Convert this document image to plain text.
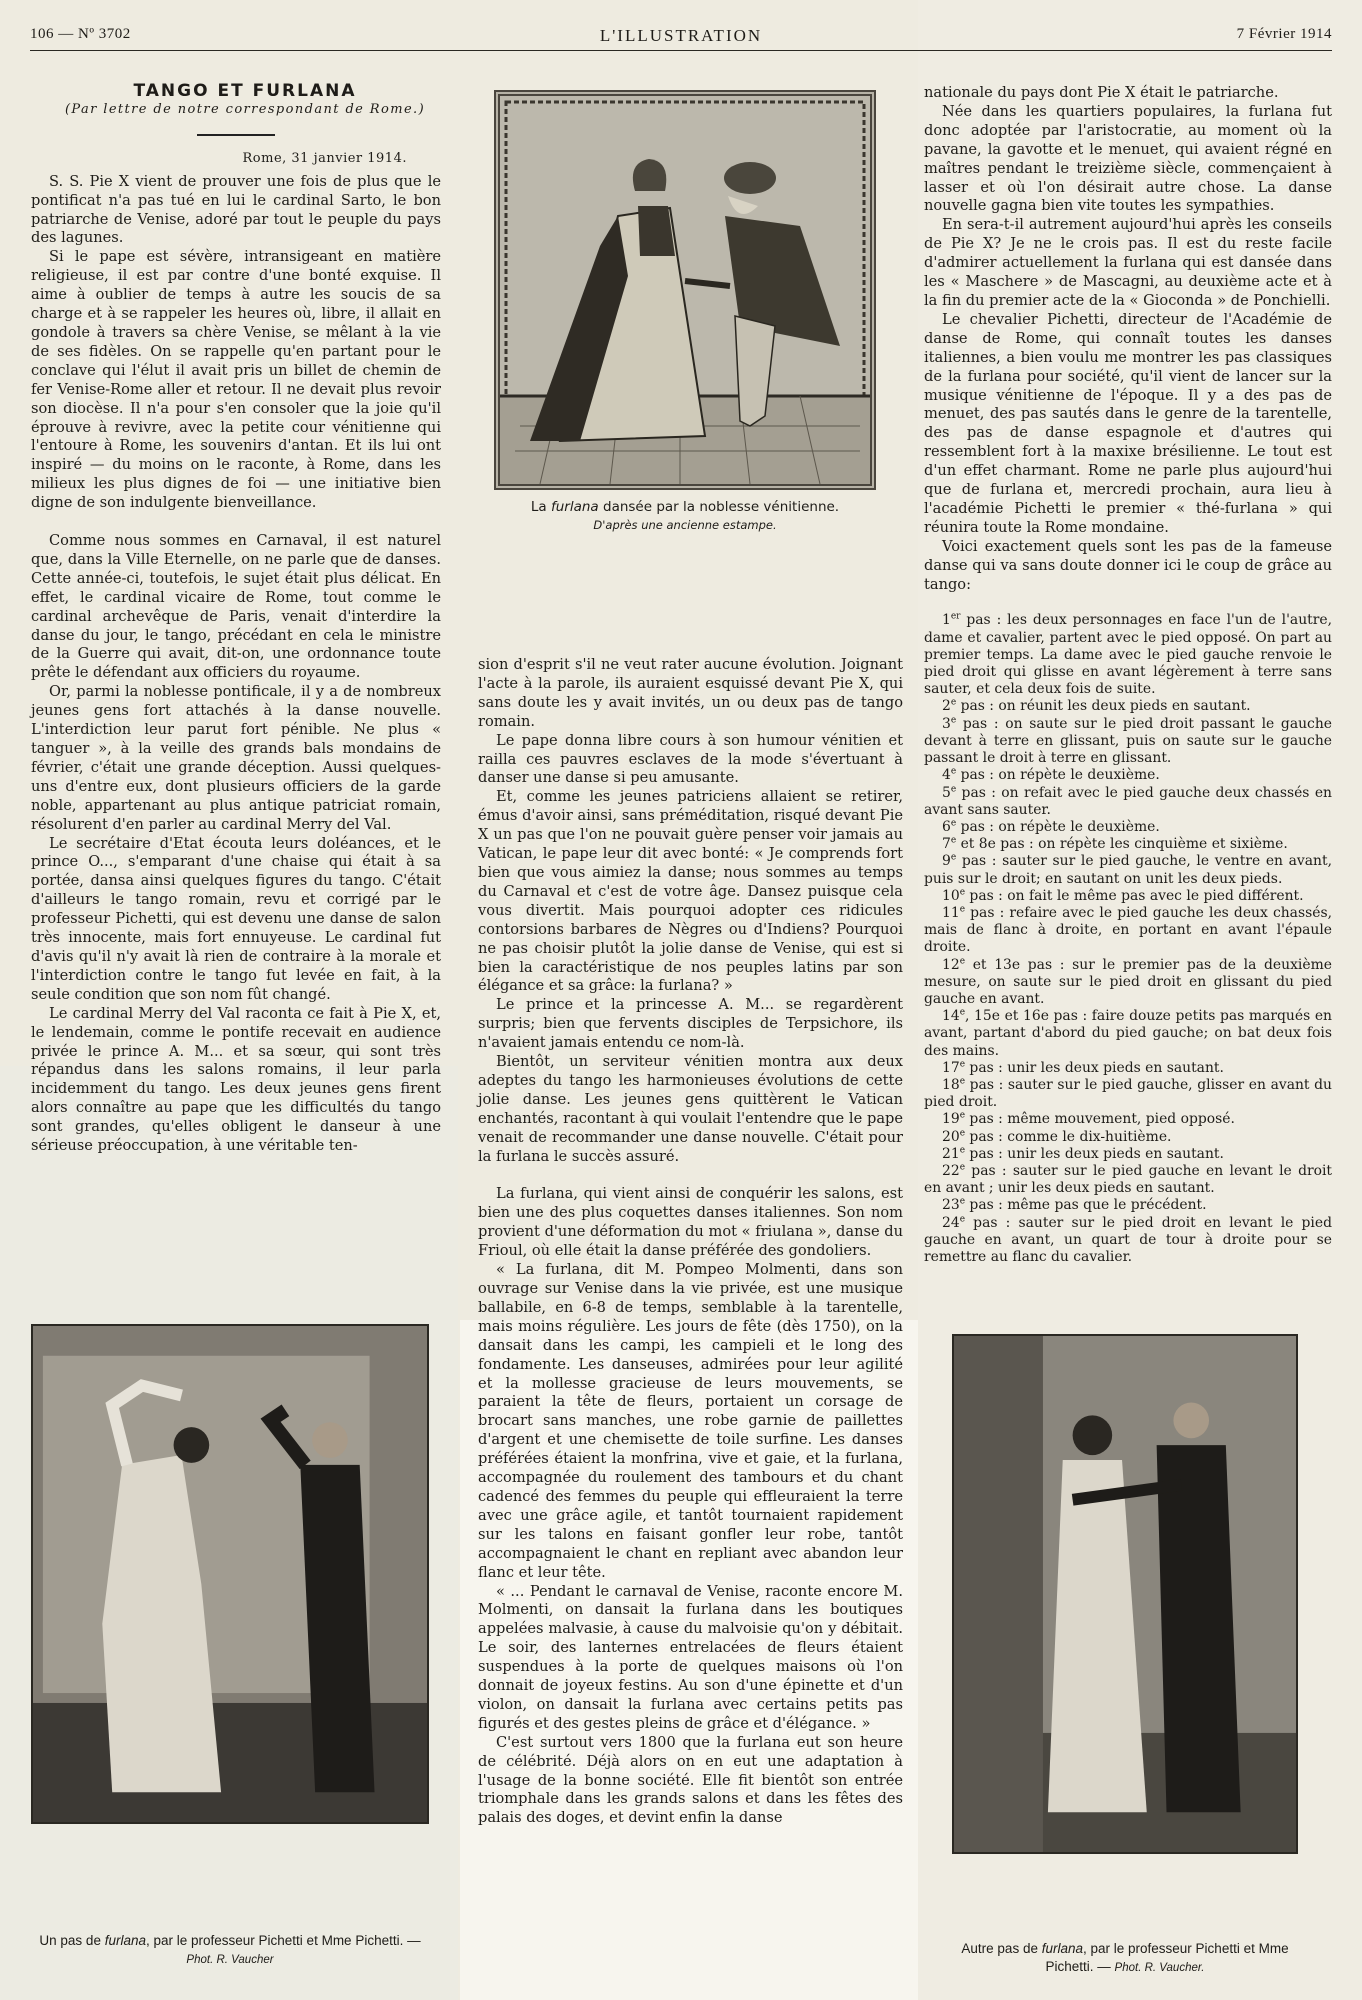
106 — Nº 3702	L'ILLUSTRATION	7 Février 1914

TANGO ET FURLANA

(Par lettre de notre correspondant de Rome.)

Rome, 31 janvier 1914.

S. S. Pie X vient de prouver une fois de plus que le pontificat n'a pas tué en lui le cardinal Sarto, le bon patriarche de Venise, adoré par tout le peuple du pays des lagunes.

Si le pape est sévère, intransigeant en matière religieuse, il est par contre d'une bonté exquise. Il aime à oublier de temps à autre les soucis de sa charge et à se rappeler les heures où, libre, il allait en gondole à travers sa chère Venise, se mêlant à la vie de ses fidèles. On se rappelle qu'en partant pour le conclave qui l'élut il avait pris un billet de chemin de fer Venise-Rome aller et retour. Il ne devait plus revoir son diocèse. Il n'a pour s'en consoler que la joie qu'il éprouve à revivre, avec la petite cour vénitienne qui l'entoure à Rome, les souvenirs d'antan. Et ils lui ont inspiré — du moins on le raconte, à Rome, dans les milieux les plus dignes de foi — une initiative bien digne de son indulgente bienveillance.

Comme nous sommes en Carnaval, il est naturel que, dans la Ville Eternelle, on ne parle que de danses. Cette année-ci, toutefois, le sujet était plus délicat. En effet, le cardinal vicaire de Rome, tout comme le cardinal archevêque de Paris, venait d'interdire la danse du jour, le tango, précédant en cela le ministre de la Guerre qui avait, dit-on, une ordonnance toute prête le défendant aux officiers du royaume.

Or, parmi la noblesse pontificale, il y a de nombreux jeunes gens fort attachés à la danse nouvelle. L'interdiction leur parut fort pénible. Ne plus « tanguer », à la veille des grands bals mondains de février, c'était une grande déception. Aussi quelques-uns d'entre eux, dont plusieurs officiers de la garde noble, appartenant au plus antique patriciat romain, résolurent d'en parler au cardinal Merry del Val.

Le secrétaire d'Etat écouta leurs doléances, et le prince O..., s'emparant d'une chaise qui était à sa portée, dansa ainsi quelques figures du tango. C'était d'ailleurs le tango romain, revu et corrigé par le professeur Pichetti, qui est devenu une danse de salon très innocente, mais fort ennuyeuse. Le cardinal fut d'avis qu'il n'y avait là rien de contraire à la morale et l'interdiction contre le tango fut levée en fait, à la seule condition que son nom fût changé.

Le cardinal Merry del Val raconta ce fait à Pie X, et, le lendemain, comme le pontife recevait en audience privée le prince A. M... et sa sœur, qui sont très répandus dans les salons romains, il leur parla incidemment du tango. Les deux jeunes gens firent alors connaître au pape que les difficultés du tango sont grandes, qu'elles obligent le danseur à une sérieuse préoccupation, à une véritable ten-

La furlana dansée par la noblesse vénitienne.
D'après une ancienne estampe.

sion d'esprit s'il ne veut rater aucune évolution. Joignant l'acte à la parole, ils auraient esquissé devant Pie X, qui sans doute les y avait invités, un ou deux pas de tango romain.

Le pape donna libre cours à son humour vénitien et railla ces pauvres esclaves de la mode s'évertuant à danser une danse si peu amusante.

Et, comme les jeunes patriciens allaient se retirer, émus d'avoir ainsi, sans préméditation, risqué devant Pie X un pas que l'on ne pouvait guère penser voir jamais au Vatican, le pape leur dit avec bonté: « Je comprends fort bien que vous aimiez la danse; nous sommes au temps du Carnaval et c'est de votre âge. Dansez puisque cela vous divertit. Mais pourquoi adopter ces ridicules contorsions barbares de Nègres ou d'Indiens? Pourquoi ne pas choisir plutôt la jolie danse de Venise, qui est si bien la caractéristique de nos peuples latins par son élégance et sa grâce: la furlana? »

Le prince et la princesse A. M... se regardèrent surpris; bien que fervents disciples de Terpsichore, ils n'avaient jamais entendu ce nom-là.

Bientôt, un serviteur vénitien montra aux deux adeptes du tango les harmonieuses évolutions de cette jolie danse. Les jeunes gens quittèrent le Vatican enchantés, racontant à qui voulait l'entendre que le pape venait de recommander une danse nouvelle. C'était pour la furlana le succès assuré.

La furlana, qui vient ainsi de conquérir les salons, est bien une des plus coquettes danses italiennes. Son nom provient d'une déformation du mot « friulana », danse du Frioul, où elle était la danse préférée des gondoliers.

« La furlana, dit M. Pompeo Molmenti, dans son ouvrage sur Venise dans la vie privée, est une musique ballabile, en 6-8 de temps, semblable à la tarentelle, mais moins régulière. Les jours de fête (dès 1750), on la dansait dans les campi, les campieli et le long des fondamente. Les danseuses, admirées pour leur agilité et la mollesse gracieuse de leurs mouvements, se paraient la tête de fleurs, portaient un corsage de brocart sans manches, une robe garnie de paillettes d'argent et une chemisette de toile surfine. Les danses préférées étaient la monfrina, vive et gaie, et la furlana, accompagnée du roulement des tambours et du chant cadencé des femmes du peuple qui effleuraient la terre avec une grâce agile, et tantôt tournaient rapidement sur les talons en faisant gonfler leur robe, tantôt accompagnaient le chant en repliant avec abandon leur flanc et leur tête.

« ... Pendant le carnaval de Venise, raconte encore M. Molmenti, on dansait la furlana dans les boutiques appelées malvasie, à cause du malvoisie qu'on y débitait. Le soir, des lanternes entrelacées de fleurs étaient suspendues à la porte de quelques maisons où l'on donnait de joyeux festins. Au son d'une épinette et d'un violon, on dansait la furlana avec certains petits pas figurés et des gestes pleins de grâce et d'élégance. »

C'est surtout vers 1800 que la furlana eut son heure de célébrité. Déjà alors on en eut une adaptation à l'usage de la bonne société. Elle fit bientôt son entrée triomphale dans les grands salons et dans les fêtes des palais des doges, et devint enfin la danse

nationale du pays dont Pie X était le patriarche.

Née dans les quartiers populaires, la furlana fut donc adoptée par l'aristocratie, au moment où la pavane, la gavotte et le menuet, qui avaient régné en maîtres pendant le treizième siècle, commençaient à lasser et où l'on désirait autre chose. La danse nouvelle gagna bien vite toutes les sympathies.

En sera-t-il autrement aujourd'hui après les conseils de Pie X? Je ne le crois pas. Il est du reste facile d'admirer actuellement la furlana qui est dansée dans les « Maschere » de Mascagni, au deuxième acte et à la fin du premier acte de la « Gioconda » de Ponchielli.

Le chevalier Pichetti, directeur de l'Académie de danse de Rome, qui connaît toutes les danses italiennes, a bien voulu me montrer les pas classiques de la furlana pour société, qu'il vient de lancer sur la musique vénitienne de l'époque. Il y a des pas de menuet, des pas sautés dans le genre de la tarentelle, des pas de danse espagnole et d'autres qui ressemblent fort à la maxixe brésilienne. Le tout est d'un effet charmant. Rome ne parle plus aujourd'hui que de furlana et, mercredi prochain, aura lieu à l'académie Pichetti le premier « thé-furlana » qui réunira toute la Rome mondaine.

Voici exactement quels sont les pas de la fameuse danse qui va sans doute donner ici le coup de grâce au tango:

1er pas : les deux personnages en face l'un de l'autre, dame et cavalier, partent avec le pied opposé. On part au premier temps. La dame avec le pied gauche renvoie le pied droit qui glisse en avant légèrement à terre sans sauter, et cela deux fois de suite.

2e pas : on réunit les deux pieds en sautant.

3e pas : on saute sur le pied droit passant le gauche devant à terre en glissant, puis on saute sur le gauche passant le droit à terre en glissant.

4e pas : on répète le deuxième.

5e pas : on refait avec le pied gauche deux chassés en avant sans sauter.

6e pas : on répète le deuxième.

7e et 8e pas : on répète les cinquième et sixième.

9e pas : sauter sur le pied gauche, le ventre en avant, puis sur le droit; en sautant on unit les deux pieds.

10e pas : on fait le même pas avec le pied différent.

11e pas : refaire avec le pied gauche les deux chassés, mais de flanc à droite, en portant en avant l'épaule droite.

12e et 13e pas : sur le premier pas de la deuxième mesure, on saute sur le pied droit en glissant du pied gauche en avant.

14e, 15e et 16e pas : faire douze petits pas marqués en avant, partant d'abord du pied gauche; on bat deux fois des mains.

17e pas : unir les deux pieds en sautant.

18e pas : sauter sur le pied gauche, glisser en avant du pied droit.

19e pas : même mouvement, pied opposé.

20e pas : comme le dix-huitième.

21e pas : unir les deux pieds en sautant.

22e pas : sauter sur le pied gauche en levant le droit en avant ; unir les deux pieds en sautant.

23e pas : même pas que le précédent.

24e pas : sauter sur le pied droit en levant le pied gauche en avant, un quart de tour à droite pour se remettre au flanc du cavalier.

Un pas de furlana, par le professeur Pichetti et Mme Pichetti. — Phot. R. Vaucher
Autre pas de furlana, par le professeur Pichetti et Mme Pichetti. — Phot. R. Vaucher.
